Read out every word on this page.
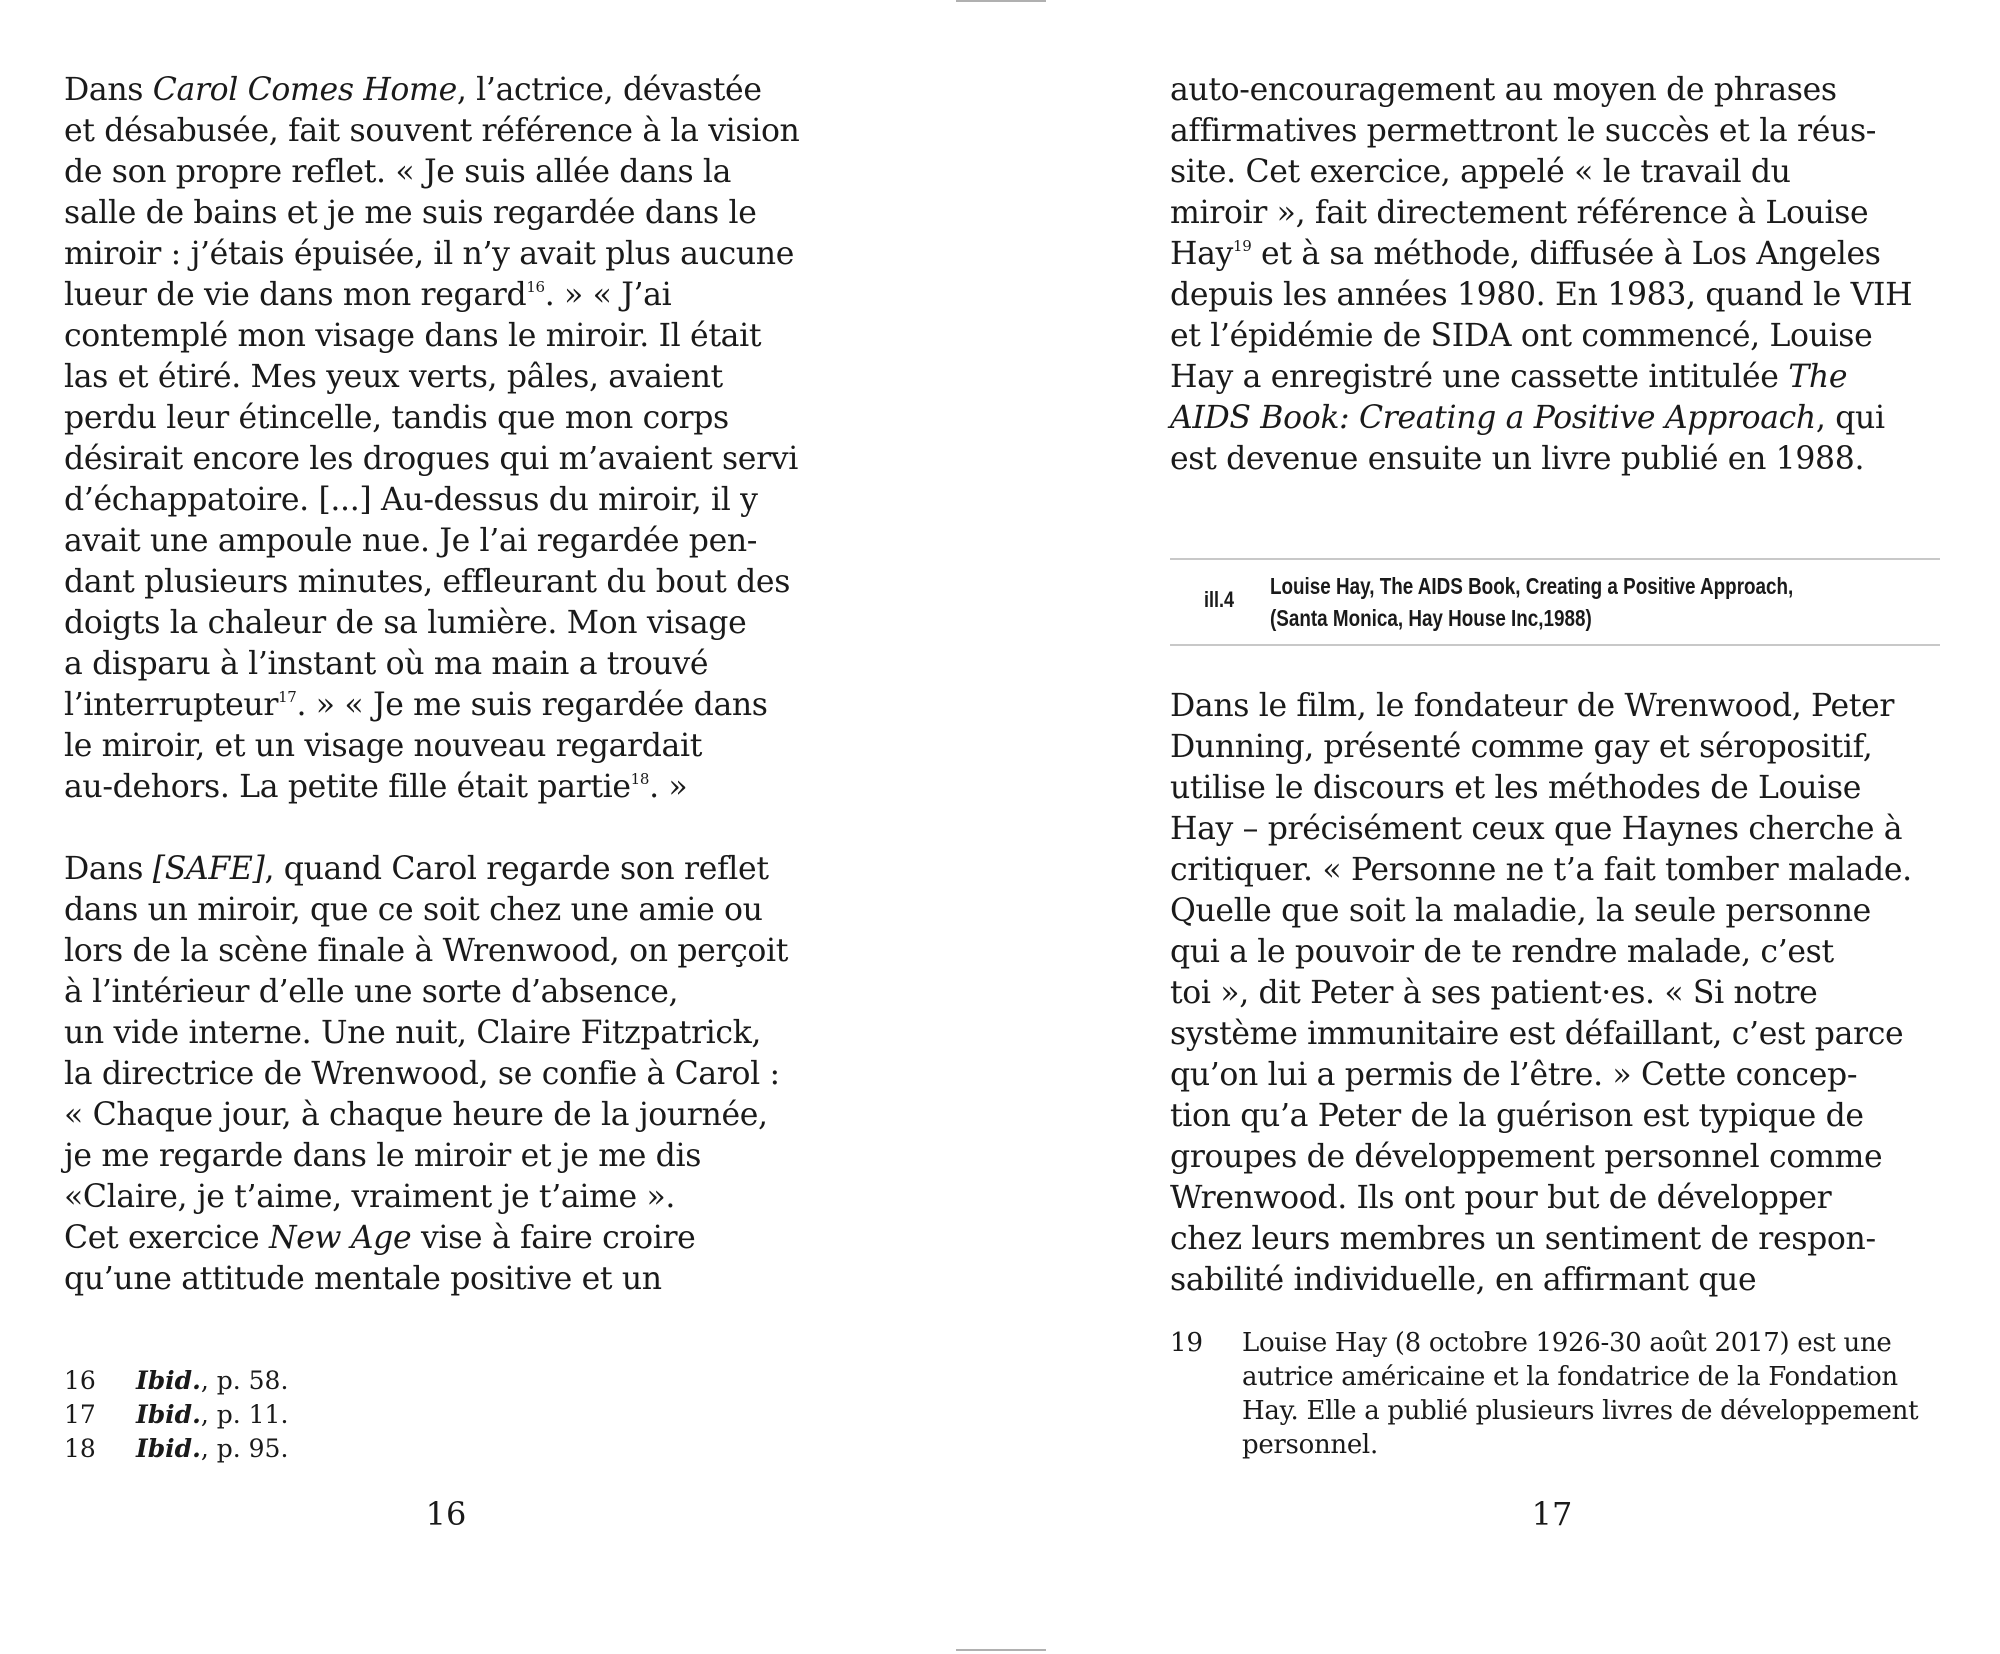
Dans Carol Comes Home, l’actrice, dévastée
et désabusée, fait souvent référence à la vision
de son propre reflet. « Je suis allée dans la
salle de bains et je me suis regardée dans le
miroir : j’étais épuisée, il n’y avait plus aucune
lueur de vie dans mon regard$^{16}$. » « J’ai
contemplé mon visage dans le miroir. Il était
las et étiré. Mes yeux verts, pâles, avaient
perdu leur étincelle, tandis que mon corps
désirait encore les drogues qui m’avaient servi
d’échappatoire. [...] Au-dessus du miroir, il y
avait une ampoule nue. Je l’ai regardée pen-
dant plusieurs minutes, effleurant du bout des
doigts la chaleur de sa lumière. Mon visage
a disparu à l’instant où ma main a trouvé
l’interrupteur$^{17}$. » « Je me suis regardée dans
le miroir, et un visage nouveau regardait
au-dehors. La petite fille était partie$^{18}$. »

Dans [SAFE], quand Carol regarde son reflet
dans un miroir, que ce soit chez une amie ou
lors de la scène finale à Wrenwood, on perçoit
à l’intérieur d’elle une sorte d’absence,
un vide interne. Une nuit, Claire Fitzpatrick,
la directrice de Wrenwood, se confie à Carol :
« Chaque jour, à chaque heure de la journée,
je me regarde dans le miroir et je me dis
«Claire, je t’aime, vraiment je t’aime ».
Cet exercice New Age vise à faire croire
qu’une attitude mentale positive et un

16	Ibid., p. 58.
17	Ibid., p. 11.
18	Ibid., p. 95.
16

auto-encouragement au moyen de phrases
affirmatives permettront le succès et la réus-
site. Cet exercice, appelé « le travail du
miroir », fait directement référence à Louise
Hay$^{19}$ et à sa méthode, diffusée à Los Angeles
depuis les années 1980. En 1983, quand le VIH
et l’épidémie de SIDA ont commencé, Louise
Hay a enregistré une cassette intitulée The
AIDS Book: Creating a Positive Approach, qui
est devenue ensuite un livre publié en 1988.

ill.4
Louise Hay, The AIDS Book, Creating a Positive Approach,
(Santa Monica, Hay House Inc,1988)

Dans le film, le fondateur de Wrenwood, Peter
Dunning, présenté comme gay et séropositif,
utilise le discours et les méthodes de Louise
Hay – précisément ceux que Haynes cherche à
critiquer. « Personne ne t’a fait tomber malade.
Quelle que soit la maladie, la seule personne
qui a le pouvoir de te rendre malade, c’est
toi », dit Peter à ses patient·es. « Si notre
système immunitaire est défaillant, c’est parce
qu’on lui a permis de l’être. » Cette concep-
tion qu’a Peter de la guérison est typique de
groupes de développement personnel comme
Wrenwood. Ils ont pour but de développer
chez leurs membres un sentiment de respon-
sabilité individuelle, en affirmant que

19	Louise Hay (8 octobre 1926-30 août 2017) est une
autrice américaine et la fondatrice de la Fondation
Hay. Elle a publié plusieurs livres de développement
personnel.
17
